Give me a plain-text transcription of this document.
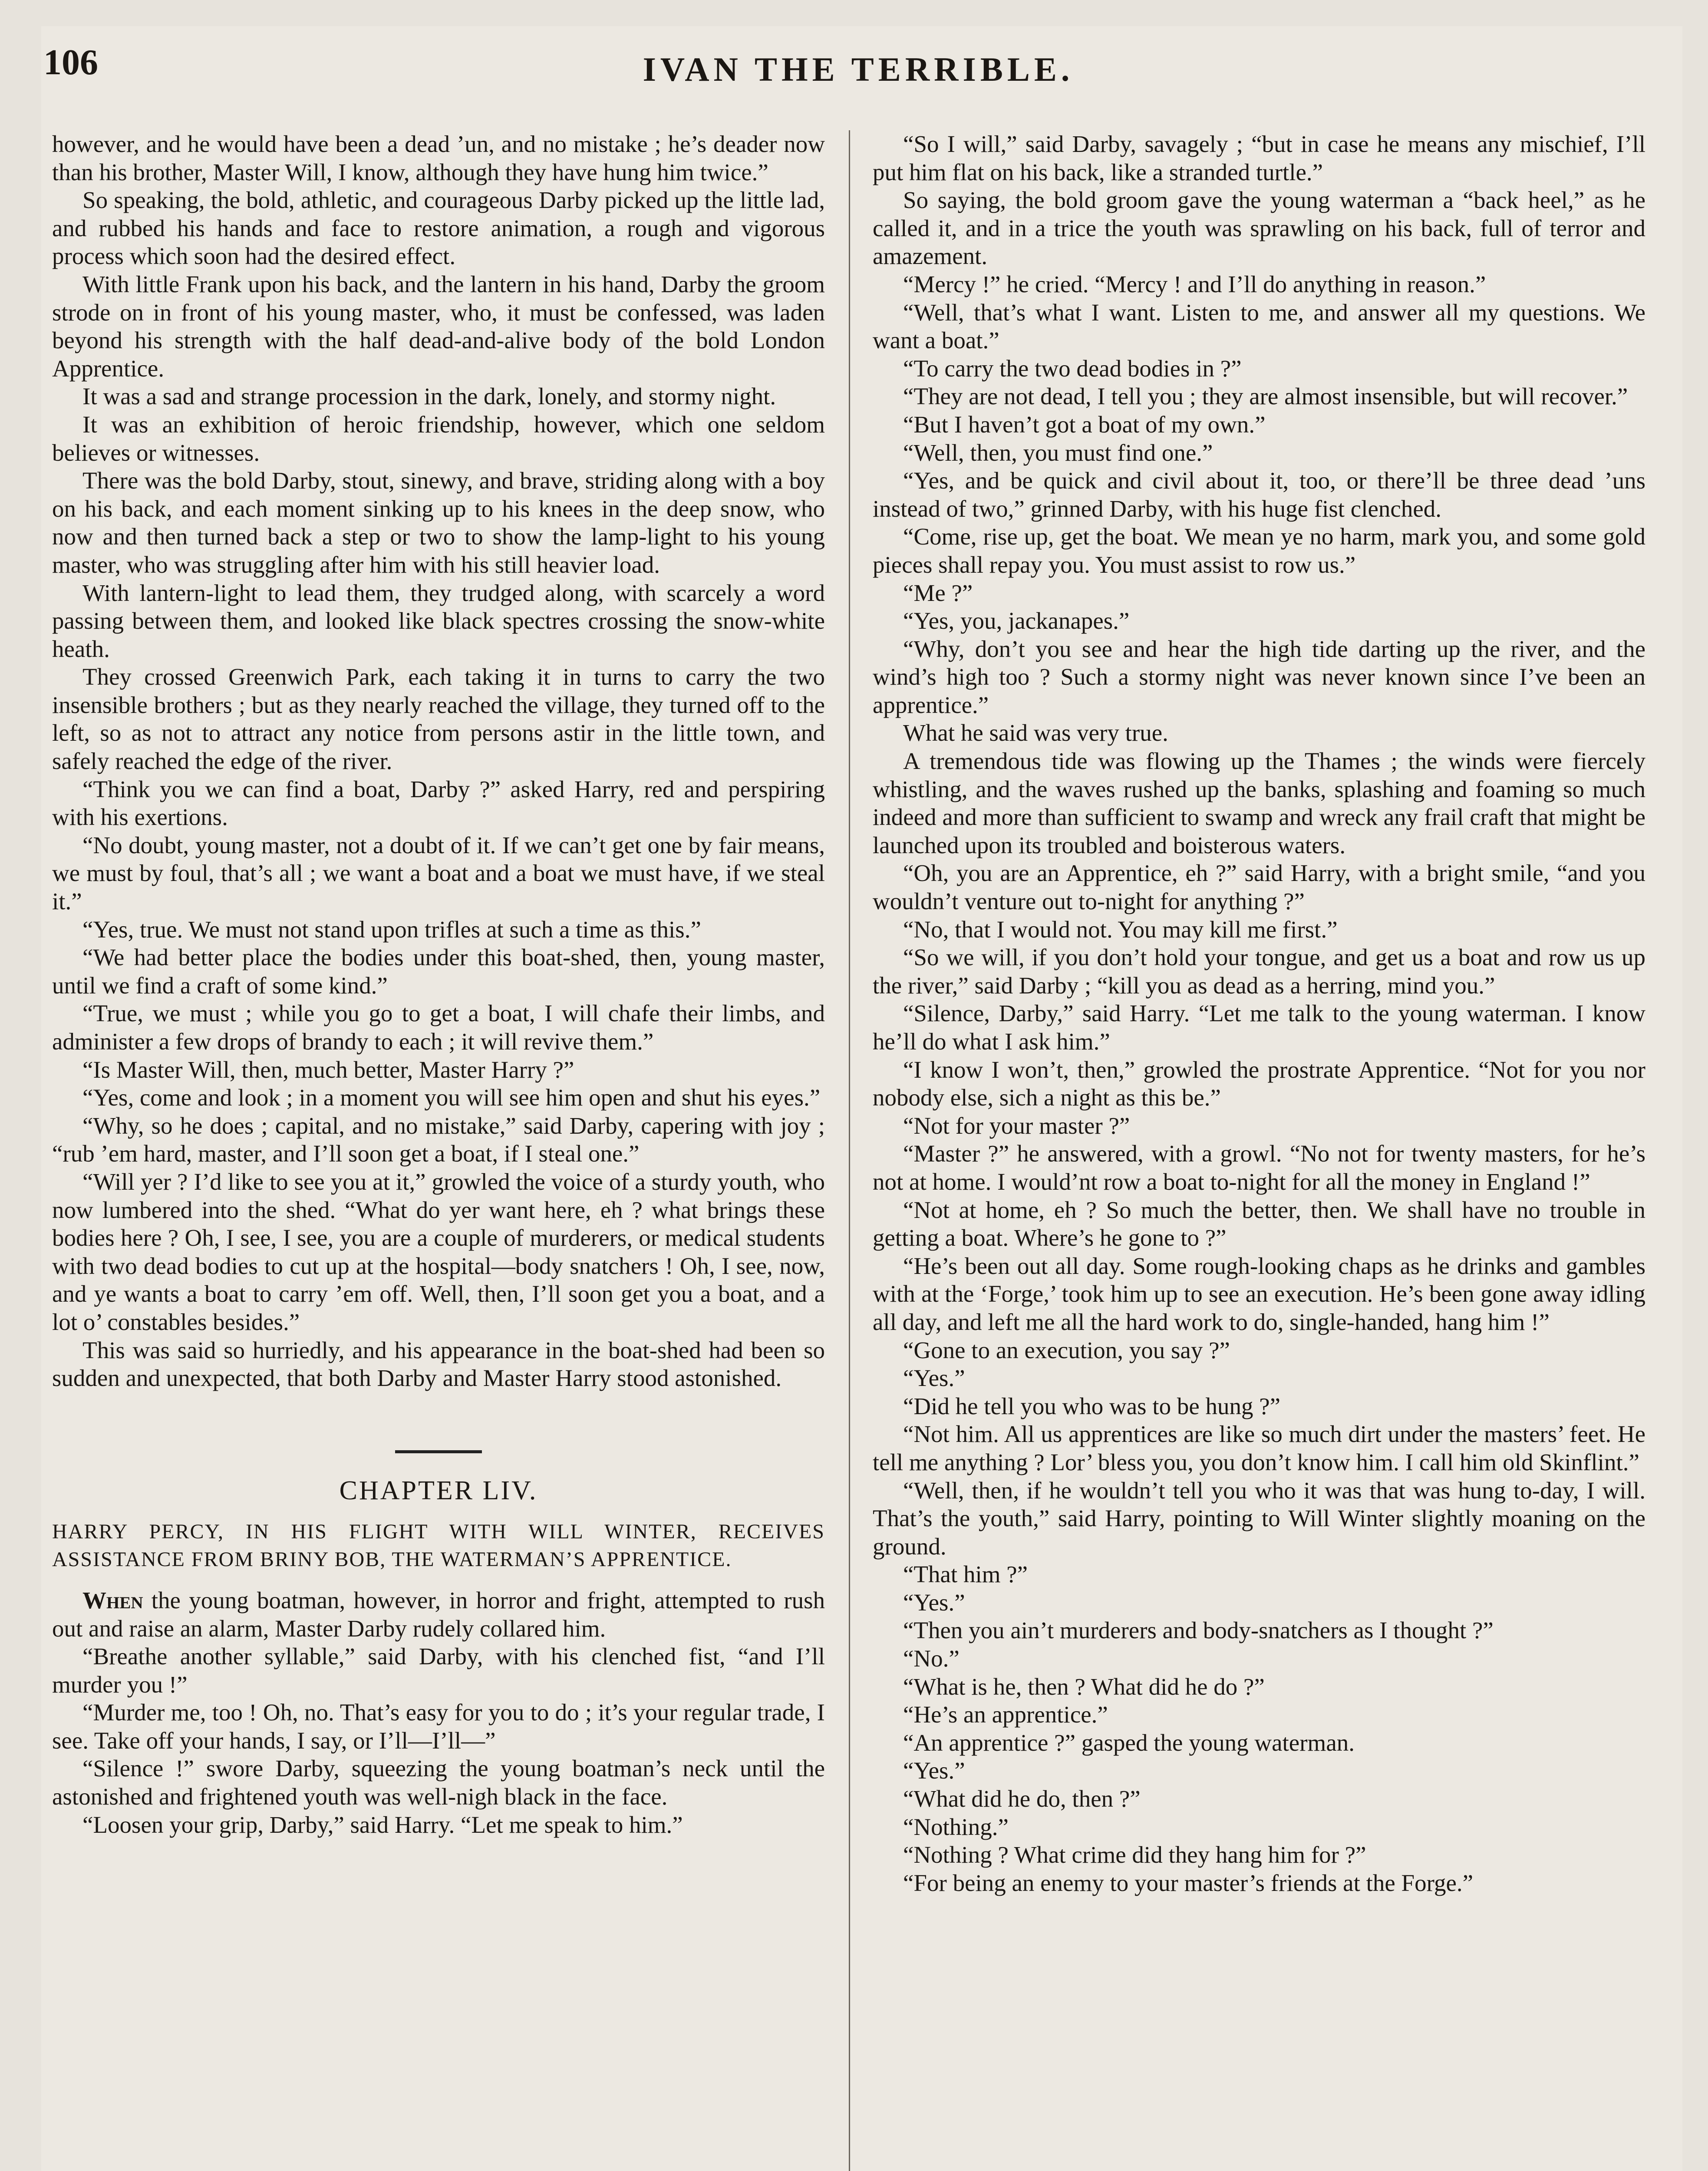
106	IVAN THE TERRIBLE.

however, and he would have been a dead ’un, and no mistake ; he’s deader now than his brother, Master Will, I know, although they have hung him twice.”

So speaking, the bold, athletic, and courageous Darby picked up the little lad, and rubbed his hands and face to restore animation, a rough and vigorous process which soon had the desired effect.

With little Frank upon his back, and the lantern in his hand, Darby the groom strode on in front of his young master, who, it must be confessed, was laden beyond his strength with the half dead-and-alive body of the bold London Apprentice.

It was a sad and strange procession in the dark, lonely, and stormy night.

It was an exhibition of heroic friendship, however, which one seldom believes or witnesses.

There was the bold Darby, stout, sinewy, and brave, striding along with a boy on his back, and each moment sinking up to his knees in the deep snow, who now and then turned back a step or two to show the lamp-light to his young master, who was struggling after him with his still heavier load.

With lantern-light to lead them, they trudged along, with scarcely a word passing between them, and looked like black spectres crossing the snow-white heath.

They crossed Greenwich Park, each taking it in turns to carry the two insensible brothers ; but as they nearly reached the village, they turned off to the left, so as not to attract any notice from persons astir in the little town, and safely reached the edge of the river.

“Think you we can find a boat, Darby ?” asked Harry, red and perspiring with his exertions.

“No doubt, young master, not a doubt of it. If we can’t get one by fair means, we must by foul, that’s all ; we want a boat and a boat we must have, if we steal it.”

“Yes, true. We must not stand upon trifles at such a time as this.”

“We had better place the bodies under this boat-shed, then, young master, until we find a craft of some kind.”

“True, we must ; while you go to get a boat, I will chafe their limbs, and administer a few drops of brandy to each ; it will revive them.”

“Is Master Will, then, much better, Master Harry ?”

“Yes, come and look ; in a moment you will see him open and shut his eyes.”

“Why, so he does ; capital, and no mistake,” said Darby, capering with joy ; “rub ’em hard, master, and I’ll soon get a boat, if I steal one.”

“Will yer ? I’d like to see you at it,” growled the voice of a sturdy youth, who now lumbered into the shed. “What do yer want here, eh ? what brings these bodies here ? Oh, I see, I see, you are a couple of murderers, or medical students with two dead bodies to cut up at the hospital—body snatchers ! Oh, I see, now, and ye wants a boat to carry ’em off. Well, then, I’ll soon get you a boat, and a lot o’ constables besides.”

This was said so hurriedly, and his appearance in the boat-shed had been so sudden and unexpected, that both Darby and Master Harry stood astonished.

CHAPTER LIV.
HARRY PERCY, IN HIS FLIGHT WITH WILL WINTER, RECEIVES ASSISTANCE FROM BRINY BOB, THE WATERMAN’S APPRENTICE.

When the young boatman, however, in horror and fright, attempted to rush out and raise an alarm, Master Darby rudely collared him.

“Breathe another syllable,” said Darby, with his clenched fist, “and I’ll murder you !”

“Murder me, too ! Oh, no. That’s easy for you to do ; it’s your regular trade, I see. Take off your hands, I say, or I’ll—I’ll—”

“Silence !” swore Darby, squeezing the young boatman’s neck until the astonished and frightened youth was well-nigh black in the face.

“Loosen your grip, Darby,” said Harry. “Let me speak to him.”

“So I will,” said Darby, savagely ; “but in case he means any mischief, I’ll put him flat on his back, like a stranded turtle.”

So saying, the bold groom gave the young waterman a “back heel,” as he called it, and in a trice the youth was sprawling on his back, full of terror and amazement.

“Mercy !” he cried. “Mercy ! and I’ll do anything in reason.”

“Well, that’s what I want. Listen to me, and answer all my questions. We want a boat.”

“To carry the two dead bodies in ?”

“They are not dead, I tell you ; they are almost insensible, but will recover.”

“But I haven’t got a boat of my own.”

“Well, then, you must find one.”

“Yes, and be quick and civil about it, too, or there’ll be three dead ’uns instead of two,” grinned Darby, with his huge fist clenched.

“Come, rise up, get the boat. We mean ye no harm, mark you, and some gold pieces shall repay you. You must assist to row us.”

“Me ?”

“Yes, you, jackanapes.”

“Why, don’t you see and hear the high tide darting up the river, and the wind’s high too ? Such a stormy night was never known since I’ve been an apprentice.”

What he said was very true.

A tremendous tide was flowing up the Thames ; the winds were fiercely whistling, and the waves rushed up the banks, splashing and foaming so much indeed and more than sufficient to swamp and wreck any frail craft that might be launched upon its troubled and boisterous waters.

“Oh, you are an Apprentice, eh ?” said Harry, with a bright smile, “and you wouldn’t venture out to-night for anything ?”

“No, that I would not. You may kill me first.”

“So we will, if you don’t hold your tongue, and get us a boat and row us up the river,” said Darby ; “kill you as dead as a herring, mind you.”

“Silence, Darby,” said Harry. “Let me talk to the young waterman. I know he’ll do what I ask him.”

“I know I won’t, then,” growled the prostrate Apprentice. “Not for you nor nobody else, sich a night as this be.”

“Not for your master ?”

“Master ?” he answered, with a growl. “No not for twenty masters, for he’s not at home. I would’nt row a boat to-night for all the money in England !”

“Not at home, eh ? So much the better, then. We shall have no trouble in getting a boat. Where’s he gone to ?”

“He’s been out all day. Some rough-looking chaps as he drinks and gambles with at the ‘Forge,’ took him up to see an execution. He’s been gone away idling all day, and left me all the hard work to do, single-handed, hang him !”

“Gone to an execution, you say ?”

“Yes.”

“Did he tell you who was to be hung ?”

“Not him. All us apprentices are like so much dirt under the masters’ feet. He tell me anything ? Lor’ bless you, you don’t know him. I call him old Skinflint.”

“Well, then, if he wouldn’t tell you who it was that was hung to-day, I will. That’s the youth,” said Harry, pointing to Will Winter slightly moaning on the ground.

“That him ?”

“Yes.”

“Then you ain’t murderers and body-snatchers as I thought ?”

“No.”

“What is he, then ? What did he do ?”

“He’s an apprentice.”

“An apprentice ?” gasped the young waterman.

“Yes.”

“What did he do, then ?”

“Nothing.”

“Nothing ? What crime did they hang him for ?”

“For being an enemy to your master’s friends at the Forge.”
